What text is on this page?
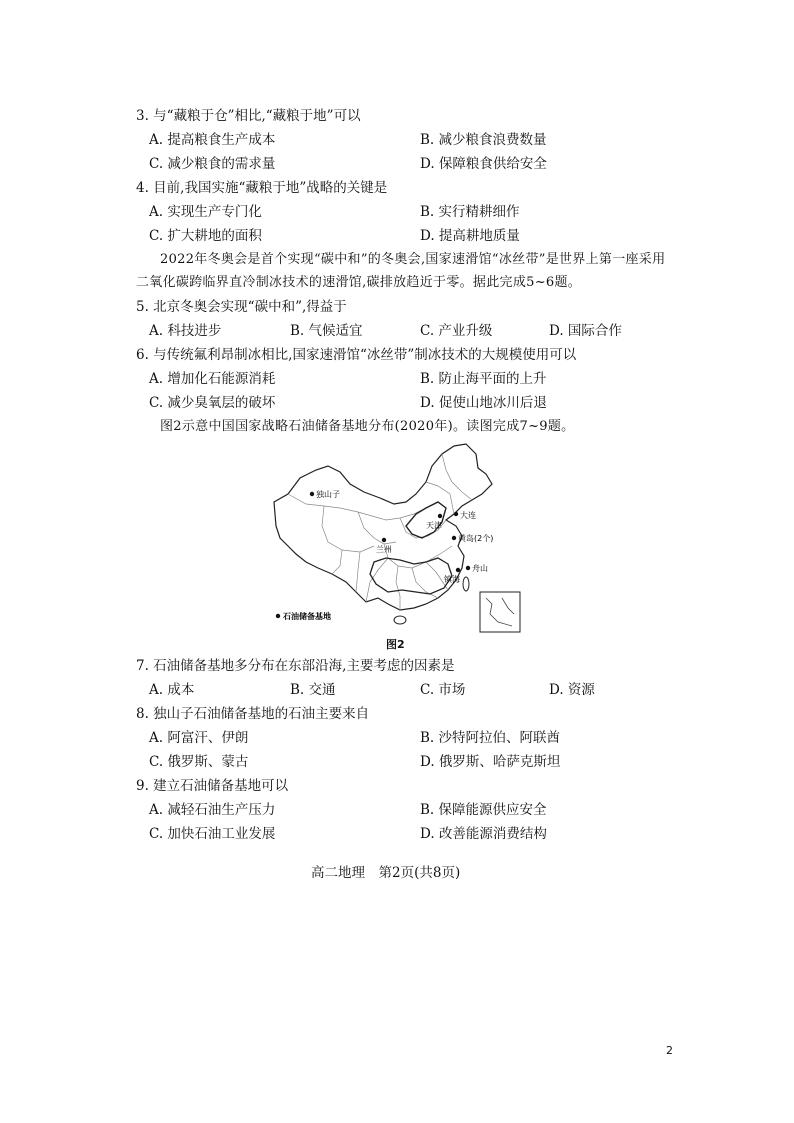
3. 与“藏粮于仓”相比,“藏粮于地”可以
A. 提高粮食生产成本	B. 减少粮食浪费数量
C. 减少粮食的需求量	D. 保障粮食供给安全
4. 目前,我国实施“藏粮于地”战略的关键是
A. 实现生产专门化	B. 实行精耕细作
C. 扩大耕地的面积	D. 提高耕地质量
2022年冬奥会是首个实现“碳中和”的冬奥会,国家速滑馆“冰丝带”是世界上第一座采用
二氧化碳跨临界直冷制冰技术的速滑馆,碳排放趋近于零。据此完成5~6题。
5. 北京冬奥会实现“碳中和”,得益于
A. 科技进步	B. 气候适宜	C. 产业升级	D. 国际合作
6. 与传统氟利昂制冰相比,国家速滑馆“冰丝带”制冰技术的大规模使用可以
A. 增加化石能源消耗	B. 防止海平面的上升
C. 减少臭氧层的破坏	D. 促使山地冰川后退
图2示意中国国家战略石油储备基地分布(2020年)。读图完成7~9题。
独山子
兰州
天津
大连
黄岛(2个)
舟山
镇海
石油储备基地
图2
7. 石油储备基地多分布在东部沿海,主要考虑的因素是
A. 成本	B. 交通	C. 市场	D. 资源
8. 独山子石油储备基地的石油主要来自
A. 阿富汗、伊朗	B. 沙特阿拉伯、阿联酋
C. 俄罗斯、蒙古	D. 俄罗斯、哈萨克斯坦
9. 建立石油储备基地可以
A. 减轻石油生产压力	B. 保障能源供应安全
C. 加快石油工业发展	D. 改善能源消费结构
高二地理　第2页(共8页)
2
